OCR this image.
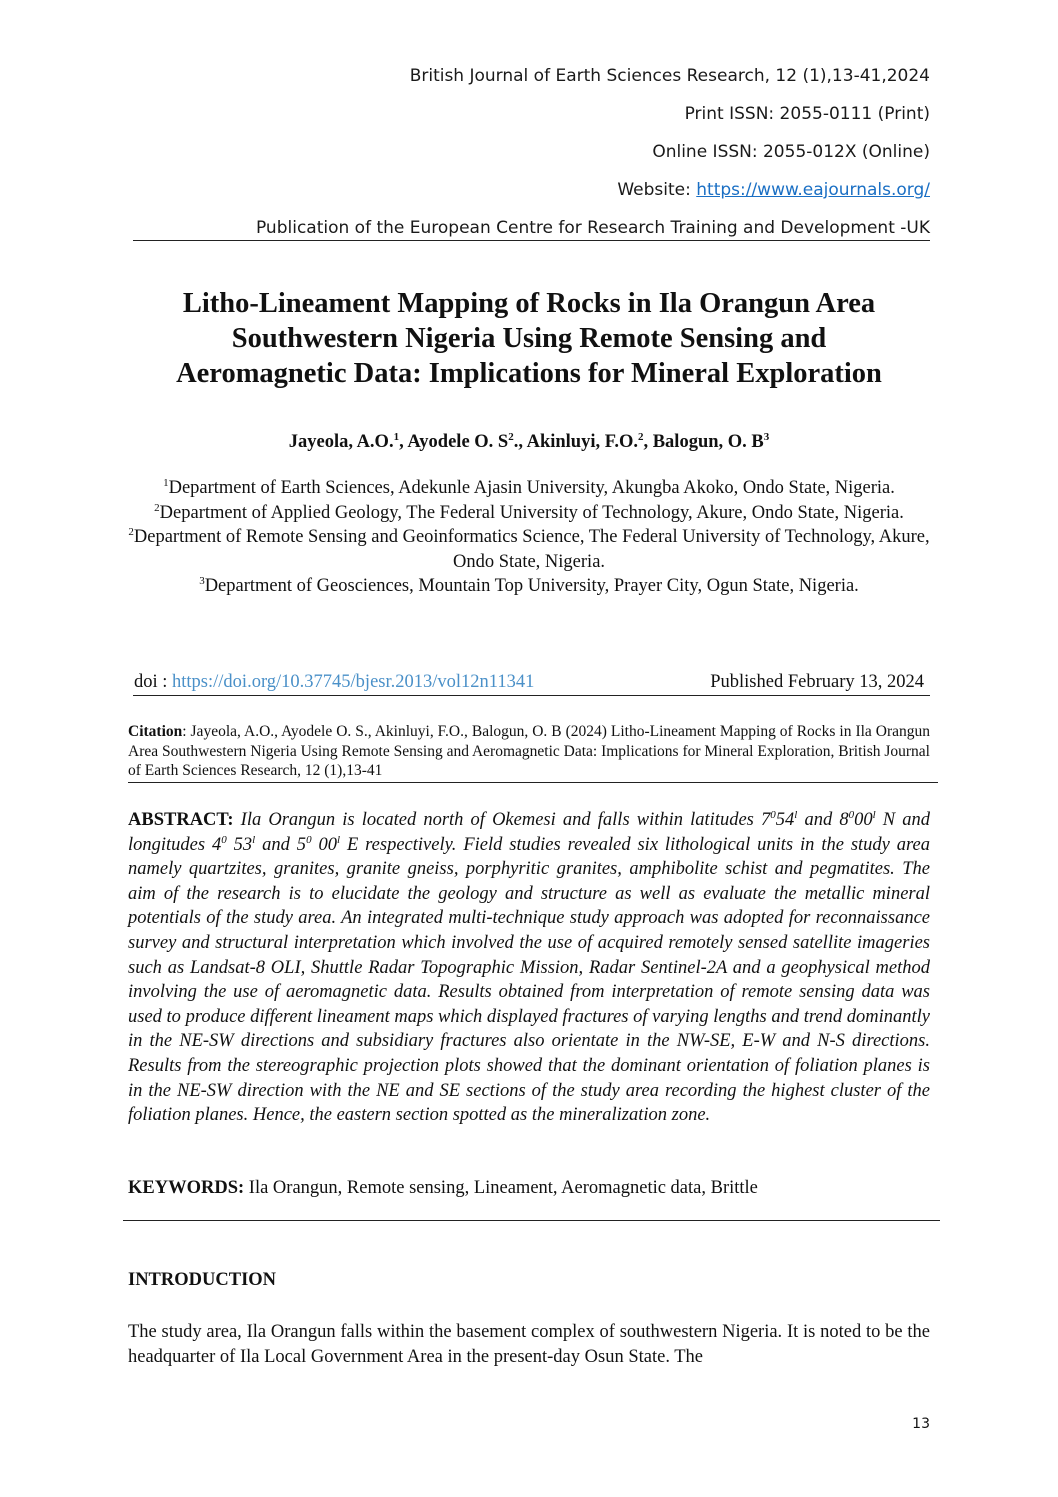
British Journal of Earth Sciences Research, 12 (1),13-41,2024
Print ISSN: 2055-0111 (Print)
Online ISSN: 2055-012X (Online)
Website: https://www.eajournals.org/
Publication of the European Centre for Research Training and Development -UK
Litho-Lineament Mapping of Rocks in Ila Orangun Area
Southwestern Nigeria Using Remote Sensing and
Aeromagnetic Data: Implications for Mineral Exploration
Jayeola, A.O.$^1$, Ayodele O. $S^2$., Akinluyi, F.O.$^2$, Balogun, O. $B^3$

$^1$Department of Earth Sciences, Adekunle Ajasin University, Akungba Akoko, Ondo State, Nigeria.

$^2$Department of Applied Geology, The Federal University of Technology, Akure, Ondo State, Nigeria.

$^2$Department of Remote Sensing and Geoinformatics Science, The Federal University of Technology, Akure, Ondo State, Nigeria.

$^3$Department of Geosciences, Mountain Top University, Prayer City, Ogun State, Nigeria.

doi : https://doi.org/10.37745/bjesr.2013/vol12n11341	Published February 13, 2024
Citation: Jayeola, A.O., Ayodele O. S., Akinluyi, F.O., Balogun, O. B (2024) Litho-Lineament Mapping of Rocks in Ila Orangun Area Southwestern Nigeria Using Remote Sensing and Aeromagnetic Data: Implications for Mineral Exploration, British Journal of Earth Sciences Research, 12 (1),13-41
ABSTRACT: Ila Orangun is located north of Okemesi and falls within latitudes $7^054^l$ and $8^000^l$ N and longitudes $4^0$ 53$^l$ and $5^0$ 00$^l$ E respectively. Field studies revealed six lithological units in the study area namely quartzites, granites, granite gneiss, porphyritic granites, amphibolite schist and pegmatites. The aim of the research is to elucidate the geology and structure as well as evaluate the metallic mineral potentials of the study area. An integrated multi-technique study approach was adopted for reconnaissance survey and structural interpretation which involved the use of acquired remotely sensed satellite imageries such as Landsat-8 OLI, Shuttle Radar Topographic Mission, Radar Sentinel-2A and a geophysical method involving the use of aeromagnetic data. Results obtained from interpretation of remote sensing data was used to produce different lineament maps which displayed fractures of varying lengths and trend dominantly in the NE-SW directions and subsidiary fractures also orientate in the NW-SE, E-W and N-S directions. Results from the stereographic projection plots showed that the dominant orientation of foliation planes is in the NE-SW direction with the NE and SE sections of the study area recording the highest cluster of the foliation planes. Hence, the eastern section spotted as the mineralization zone.
KEYWORDS: Ila Orangun, Remote sensing, Lineament, Aeromagnetic data, Brittle
INTRODUCTION
The study area, Ila Orangun falls within the basement complex of southwestern Nigeria. It is noted to be the headquarter of Ila Local Government Area in the present-day Osun State. The
13
